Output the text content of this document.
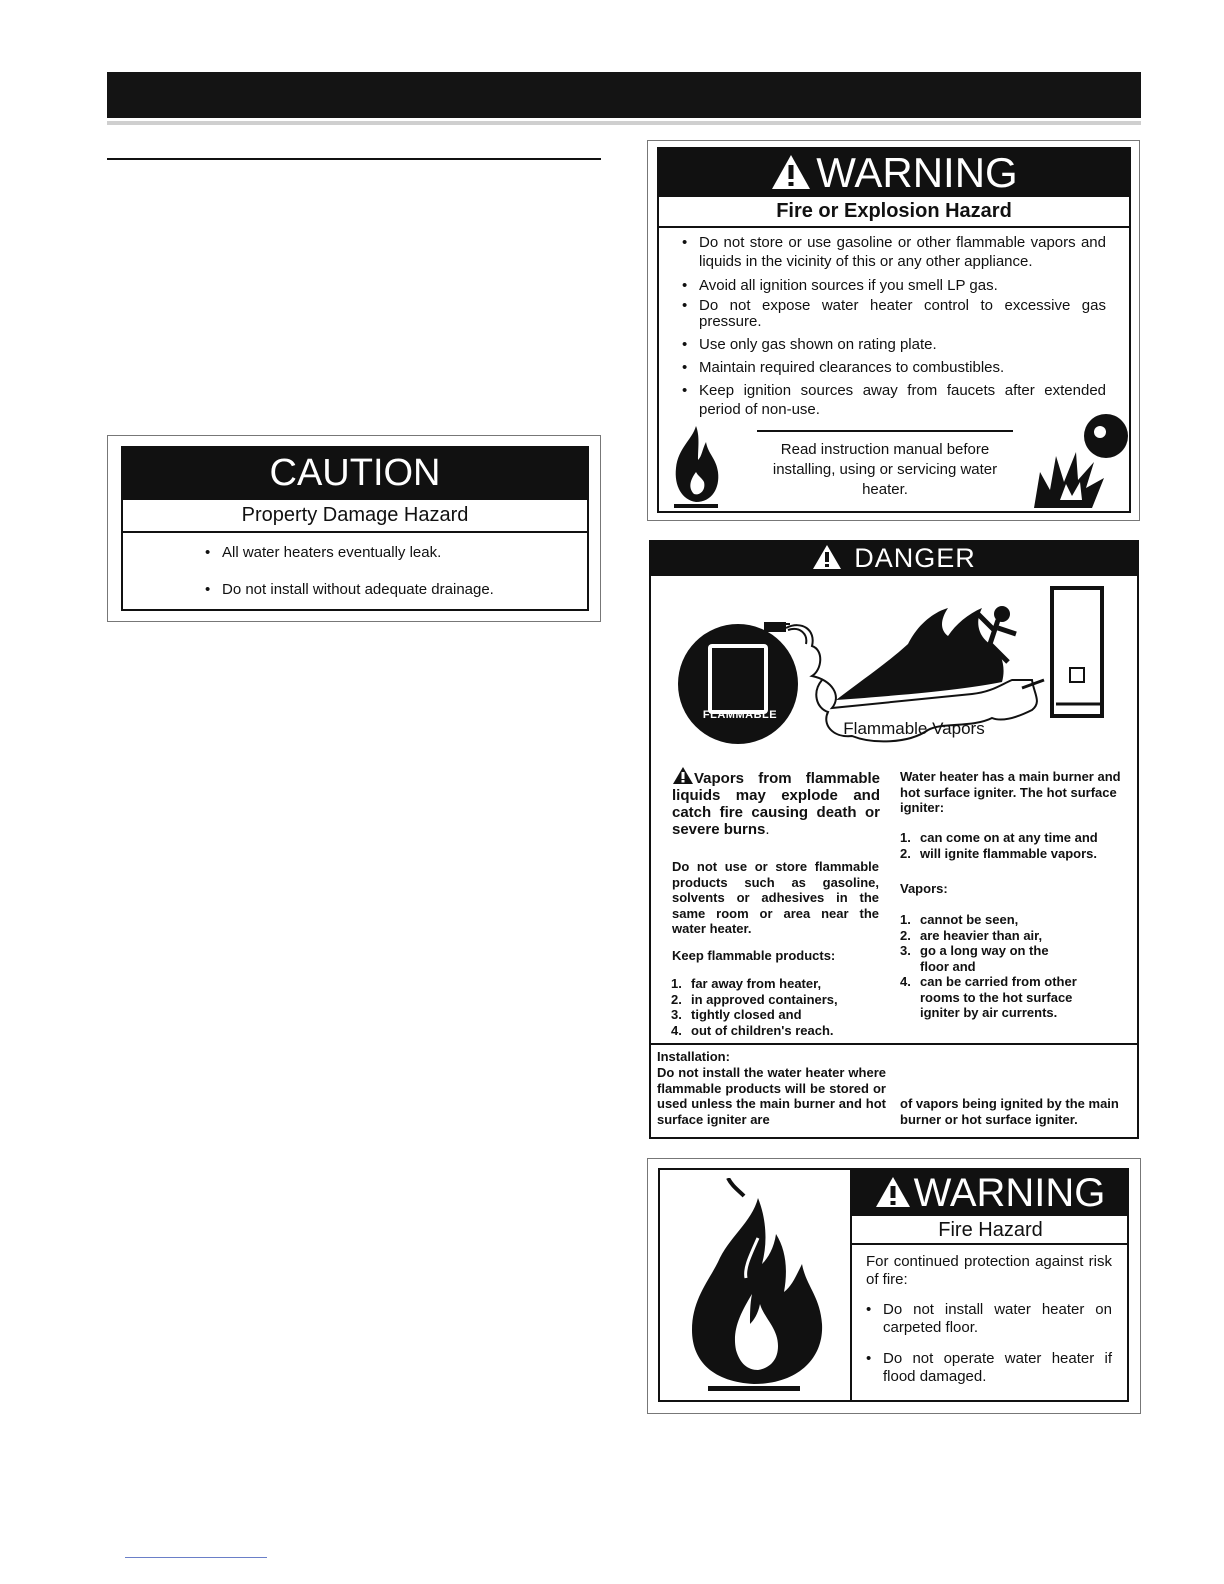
CAUTION
Property Damage Hazard
• All water heaters eventually leak.
• Do not install without adequate drainage.
WARNING
Fire or Explosion Hazard
• Do not store or use gasoline or other flammable vapors and liquids in the vicinity of this or any other appliance.
• Avoid all ignition sources if you smell LP gas.
• Do not expose water heater control to excessive gas pressure.
• Use only gas shown on rating plate.
• Maintain required clearances to combustibles.
• Keep ignition sources away from faucets after extended period of non-use.
Read instruction manual before installing, using or servicing water heater.
DANGER
FLAMMABLE
Flammable Vapors
Vapors from flammable liquids may explode and catch fire causing death or severe burns.
Do not use or store flammable products such as gasoline, solvents or adhesives in the same room or area near the water heater.
Keep flammable products:
1. far away from heater,
2. in approved containers,
3. tightly closed and
4. out of children's reach.
Water heater has a main burner and hot surface igniter. The hot surface igniter:
1. can come on at any time and
2. will ignite flammable vapors.
Vapors:
1. cannot be seen,
2. are heavier than air,
3. go a long way on the floor and
4. can be carried from other rooms to the hot surface igniter by air currents.
Installation:
Do not install the water heater where flammable products will be stored or used unless the main burner and hot surface igniter are
of vapors being ignited by the main burner or hot surface igniter.
WARNING
Fire Hazard
For continued protection against risk of fire:
• Do not install water heater on carpeted floor.
• Do not operate water heater if flood damaged.
